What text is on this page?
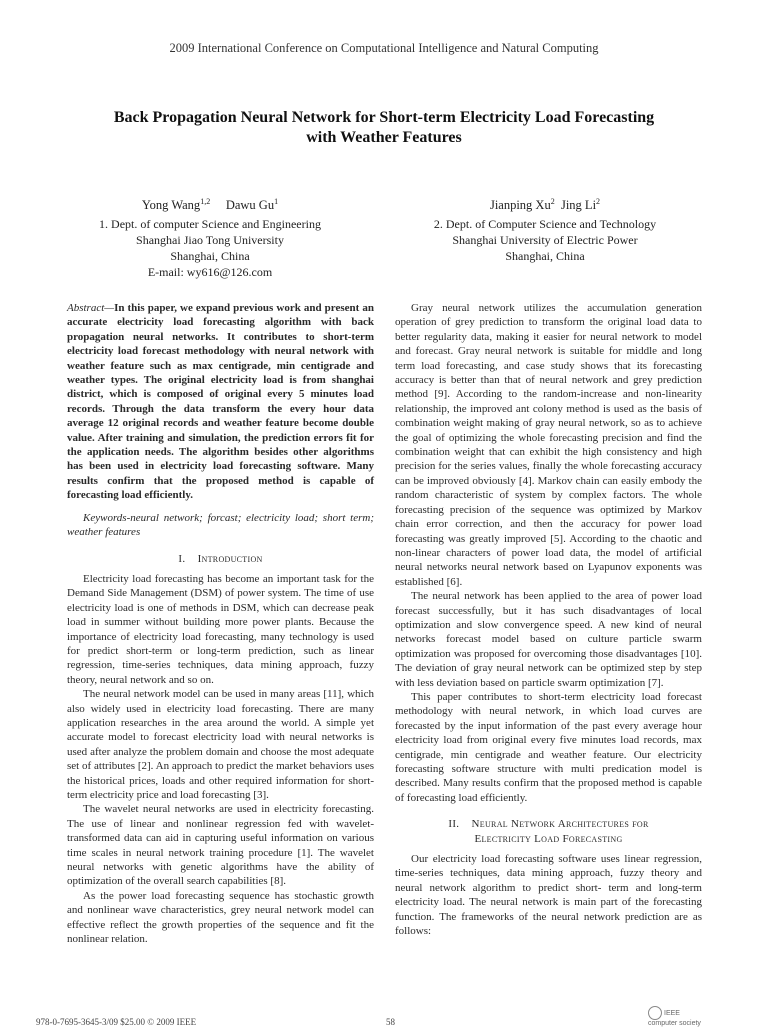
2009 International Conference on Computational Intelligence and Natural Computing
Back Propagation Neural Network for Short-term Electricity Load Forecasting
with Weather Features
Yong Wang$^{1,2}$ Dawu Gu$^1$
1. Dept. of computer Science and Engineering
Shanghai Jiao Tong University
Shanghai, China
E-mail: wy616@126.com
Jianping Xu$^2$ Jing Li$^2$
2. Dept. of Computer Science and Technology
Shanghai University of Electric Power
Shanghai, China

Abstract—In this paper, we expand previous work and present an accurate electricity load forecasting algorithm with back propagation neural networks. It contributes to short-term electricity load forecast methodology with neural network with weather feature such as max centigrade, min centigrade and weather types. The original electricity load is from shanghai district, which is composed of original every 5 minutes load records. Through the data transform the every hour data average 12 original records and weather feature become double value. After training and simulation, the prediction errors fit for the application needs. The algorithm besides other algorithms has been used in electricity load forecasting software. Many results confirm that the proposed method is capable of forecasting load efficiently.

Keywords-neural network; forcast; electricity load; short term; weather features

I. Introduction

Electricity load forecasting has become an important task for the Demand Side Management (DSM) of power system. The time of use electricity load is one of methods in DSM, which can decrease peak load in summer without building more power plants. Because the importance of electricity load forecasting, many technology is used for predict short-term or long-term prediction, such as linear regression, time-series techniques, data mining approach, fuzzy theory, neural network and so on.

The neural network model can be used in many areas [11], which also widely used in electricity load forecasting. There are many application researches in the area around the world. A simple yet accurate model to forecast electricity load with neural networks is used after analyze the problem domain and choose the most adequate set of attributes [2]. An approach to predict the market behaviors uses the historical prices, loads and other required information for short-term electricity price and load forecasting [3].

The wavelet neural networks are used in electricity forecasting. The use of linear and nonlinear regression fed with wavelet-transformed data can aid in capturing useful information on various time scales in neural network training procedure [1]. The wavelet neural networks with genetic algorithms have the ability of optimization of the overall search capabilities [8].

As the power load forecasting sequence has stochastic growth and nonlinear wave characteristics, grey neural network model can effective reflect the growth properties of the sequence and fit the nonlinear relation.

Gray neural network utilizes the accumulation generation operation of grey prediction to transform the original load data to better regularity data, making it easier for neural network to model and forecast. Gray neural network is suitable for middle and long term load forecasting, and case study shows that its forecasting accuracy is better than that of neural network and grey prediction method [9]. According to the random-increase and non-linearity relationship, the improved ant colony method is used as the basis of combination weight making of gray neural network, so as to achieve the goal of optimizing the whole forecasting precision and find the combination weight that can exhibit the high consistency and high precision for the series values, finally the whole forecasting accuracy can be improved obviously [4]. Markov chain can easily embody the random characteristic of system by complex factors. The whole forecasting precision of the sequence was optimized by Markov chain error correction, and then the accuracy for power load forecasting was greatly improved [5]. According to the chaotic and non-linear characters of power load data, the model of artificial neural networks neural network based on Lyapunov exponents was established [6].

The neural network has been applied to the area of power load forecast successfully, but it has such disadvantages of local optimization and slow convergence speed. A new kind of neural networks forecast model based on culture particle swarm optimization was proposed for overcoming those disadvantages [10]. The deviation of gray neural network can be optimized step by step with less deviation based on particle swarm optimization [7].

This paper contributes to short-term electricity load forecast methodology with neural network, in which load curves are forecasted by the input information of the past every average hour electricity load from original every five minutes load records, max centigrade, min centigrade and weather feature. Our electricity forecasting software structure with multi predication model is described. Many results confirm that the proposed method is capable of forecasting load efficiently.

II. Neural Network Architectures for
Electricity Load Forecasting

Our electricity load forecasting software uses linear regression, time-series techniques, data mining approach, fuzzy theory and neural network algorithm to predict short- term and long-term electricity load. The neural network is main part of the forecasting function. The frameworks of the neural network prediction are as follows:

978-0-7695-3645-3/09 $25.00 © 2009 IEEE	58
IEEE
computer society
